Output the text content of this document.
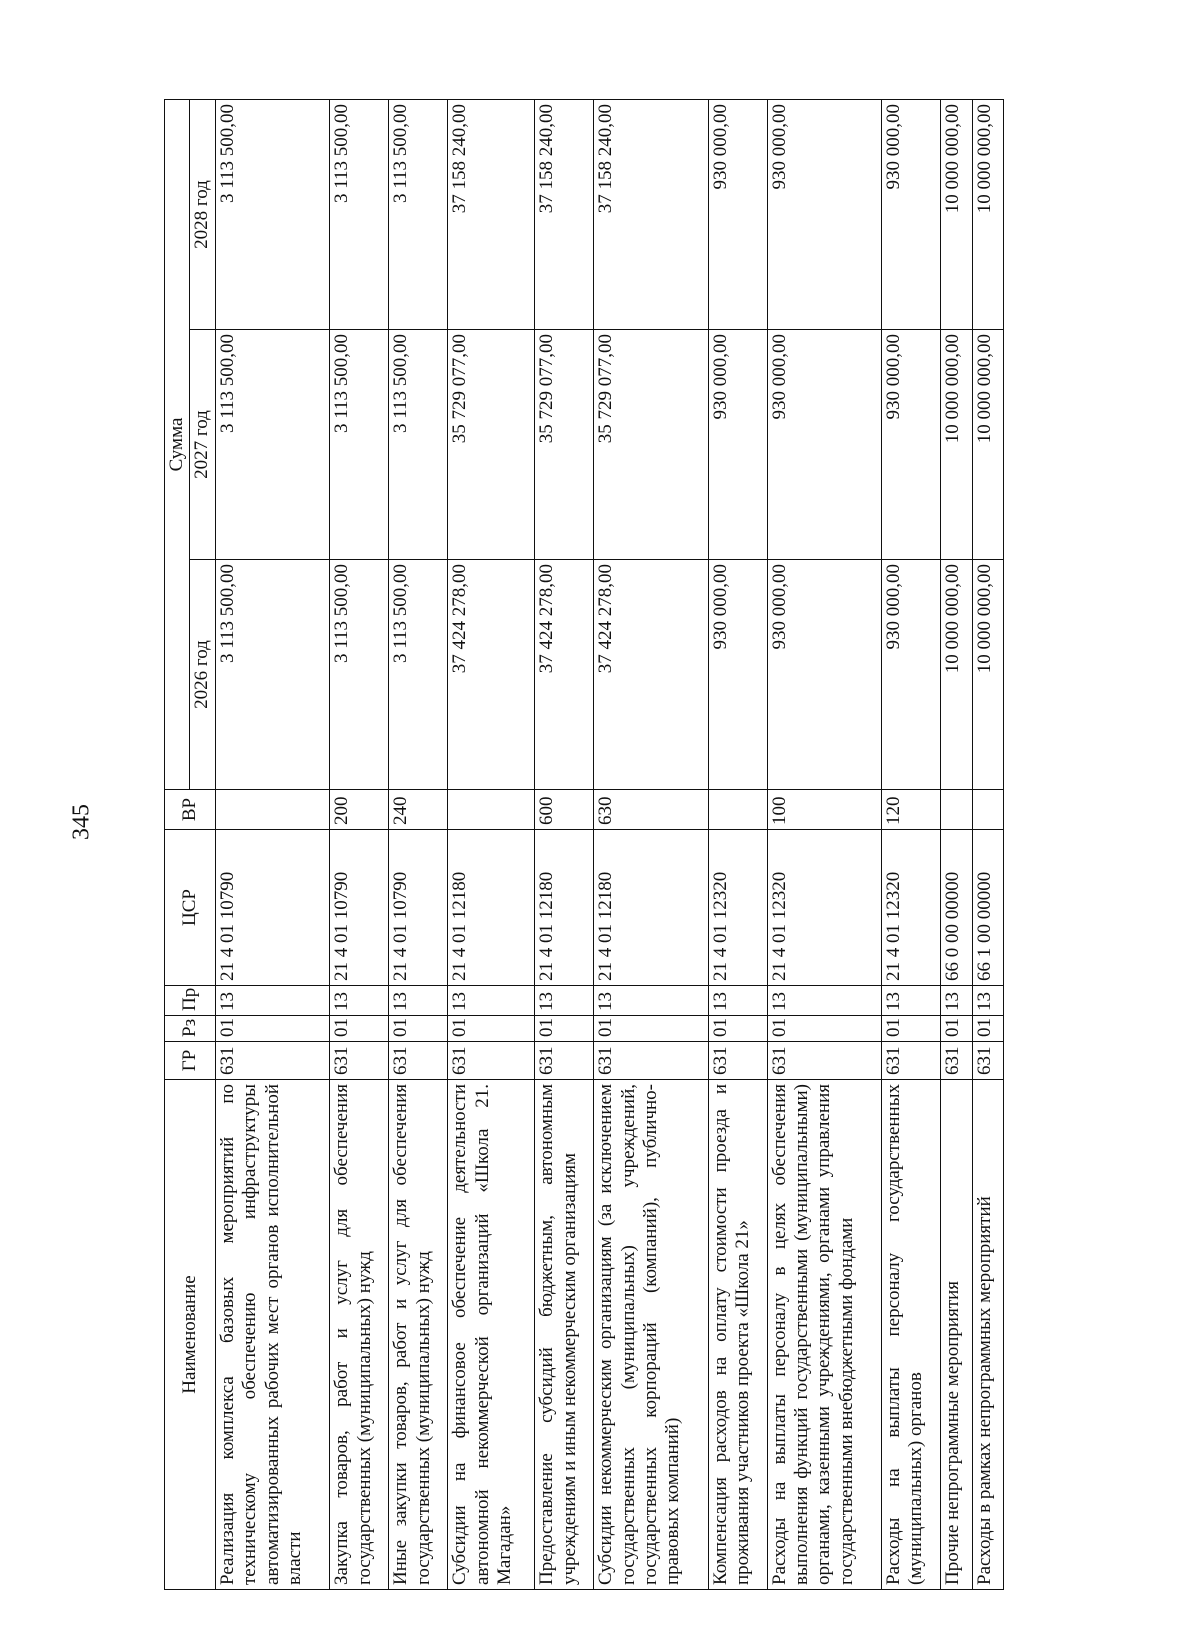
345
Наименование	ГР	Рз	Пр	ЦСР	ВР	Сумма		
						2026 год	2027 год	2028 год
Реализация комплекса базовых мероприятий по техническому обеспечению инфраструктуры автоматизированных рабочих мест органов исполнительной власти	631	01	13	21 4 01 10790		3 113 500,00	3 113 500,00	3 113 500,00
Закупка товаров, работ и услуг для обеспечения государственных (муниципальных) нужд	631	01	13	21 4 01 10790	200	3 113 500,00	3 113 500,00	3 113 500,00
Иные закупки товаров, работ и услуг для обеспечения государственных (муниципальных) нужд	631	01	13	21 4 01 10790	240	3 113 500,00	3 113 500,00	3 113 500,00
Субсидии на финансовое обеспечение деятельности автономной некоммерческой организаций «Школа 21. Магадан»	631	01	13	21 4 01 12180		37 424 278,00	35 729 077,00	37 158 240,00
Предоставление субсидий бюджетным, автономным учреждениям и иным некоммерческим организациям	631	01	13	21 4 01 12180	600	37 424 278,00	35 729 077,00	37 158 240,00
Субсидии некоммерческим организациям (за исключением государственных (муниципальных) учреждений, государственных корпораций (компаний), публично-правовых компаний)	631	01	13	21 4 01 12180	630	37 424 278,00	35 729 077,00	37 158 240,00
Компенсация расходов на оплату стоимости проезда и проживания участников проекта «Школа 21»	631	01	13	21 4 01 12320		930 000,00	930 000,00	930 000,00
Расходы на выплаты персоналу в целях обеспечения выполнения функций государственными (муниципальными) органами, казенными учреждениями, органами управления государственными внебюджетными фондами	631	01	13	21 4 01 12320	100	930 000,00	930 000,00	930 000,00
Расходы на выплаты персоналу государственных (муниципальных) органов	631	01	13	21 4 01 12320	120	930 000,00	930 000,00	930 000,00
Прочие непрограммные мероприятия	631	01	13	66 0 00 00000		10 000 000,00	10 000 000,00	10 000 000,00
Расходы в рамках непрограммных мероприятий	631	01	13	66 1 00 00000		10 000 000,00	10 000 000,00	10 000 000,00
